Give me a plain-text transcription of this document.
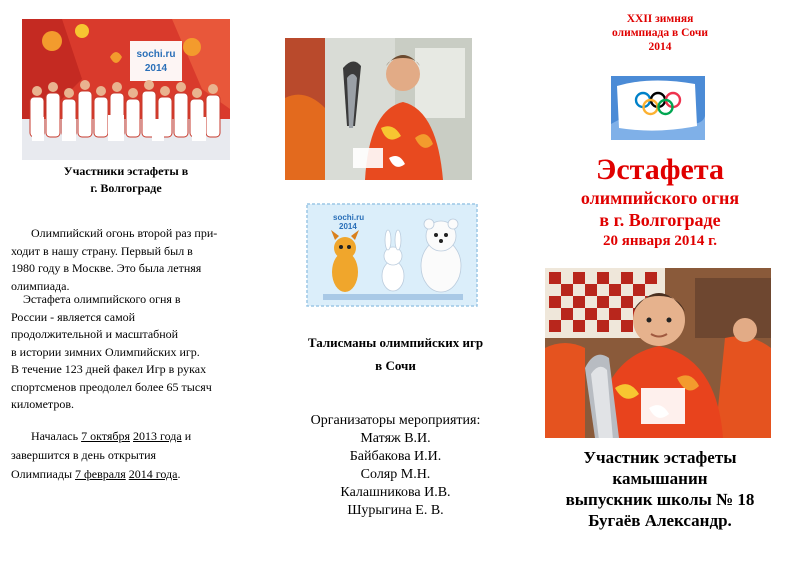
sochi.ru
2014
Участники эстафеты в
г. Волгограде

Олимпийский огонь второй раз при-

ходит в нашу страну. Первый был в

1980 году в Москве. Это была летняя

олимпиада.

Эстафета олимпийского огня в

России - является самой

продолжительной и масштабной

в истории зимних Олимпийских игр.

В течение 123 дней факел Игр в руках

спортсменов преодолел более 65 тысяч

километров.

Началась 7 октября 2013 года и

завершится в день открытия

Олимпиады 7 февраля 2014 года.

sochi.ru
2014
Талисманы олимпийских игр
в Сочи
Организаторы мероприятия:
Матяж В.И.
Байбакова И.И.
Соляр М.Н.
Калашникова И.В.
Шурыгина Е. В.
XXII зимняя
олимпиада в Сочи
2014
Эстафета
олимпийского огня
в г. Волгограде
20 января 2014 г.
Участник эстафеты
камышанин
выпускник школы № 18
Бугаёв Александр.
